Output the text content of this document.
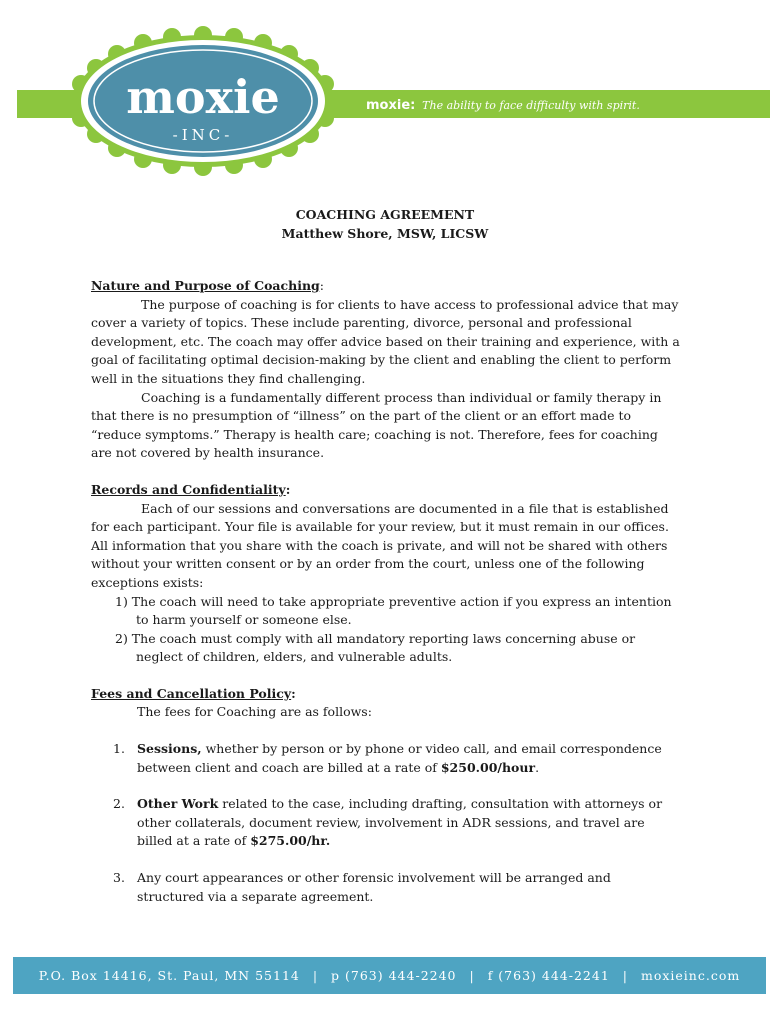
moxie
-INC-
moxie: The ability to face difficulty with spirit.
COACHING AGREEMENT
Matthew Shore, MSW, LICSW

Nature and Purpose of Coaching:

The purpose of coaching is for clients to have access to professional advice that may cover a variety of topics. These include parenting, divorce, personal and professional development, etc. The coach may offer advice based on their training and experience, with a goal of facilitating optimal decision-making by the client and enabling the client to perform well in the situations they find challenging.

Coaching is a fundamentally different process than individual or family therapy in that there is no presumption of “illness” on the part of the client or an effort made to “reduce symptoms.” Therapy is health care; coaching is not. Therefore, fees for coaching are not covered by health insurance.

Records and Confidentiality:

Each of our sessions and conversations are documented in a file that is established for each participant. Your file is available for your review, but it must remain in our offices. All information that you share with the coach is private, and will not be shared with others without your written consent or by an order from the court, unless one of the following exceptions exists:

1) The coach will need to take appropriate preventive action if you express an intention to harm yourself or someone else.
2) The coach must comply with all mandatory reporting laws concerning abuse or neglect of children, elders, and vulnerable adults.

Fees and Cancellation Policy:

The fees for Coaching are as follows:

1. Sessions, whether by person or by phone or video call, and email correspondence between client and coach are billed at a rate of $250.00/hour.
2. Other Work related to the case, including drafting, consultation with attorneys or other collaterals, document review, involvement in ADR sessions, and travel are billed at a rate of $275.00/hr.
3. Any court appearances or other forensic involvement will be arranged and structured via a separate agreement.
P.O. Box 14416, St. Paul, MN 55114 | p (763) 444-2240 | f (763) 444-2241 | moxieinc.com
